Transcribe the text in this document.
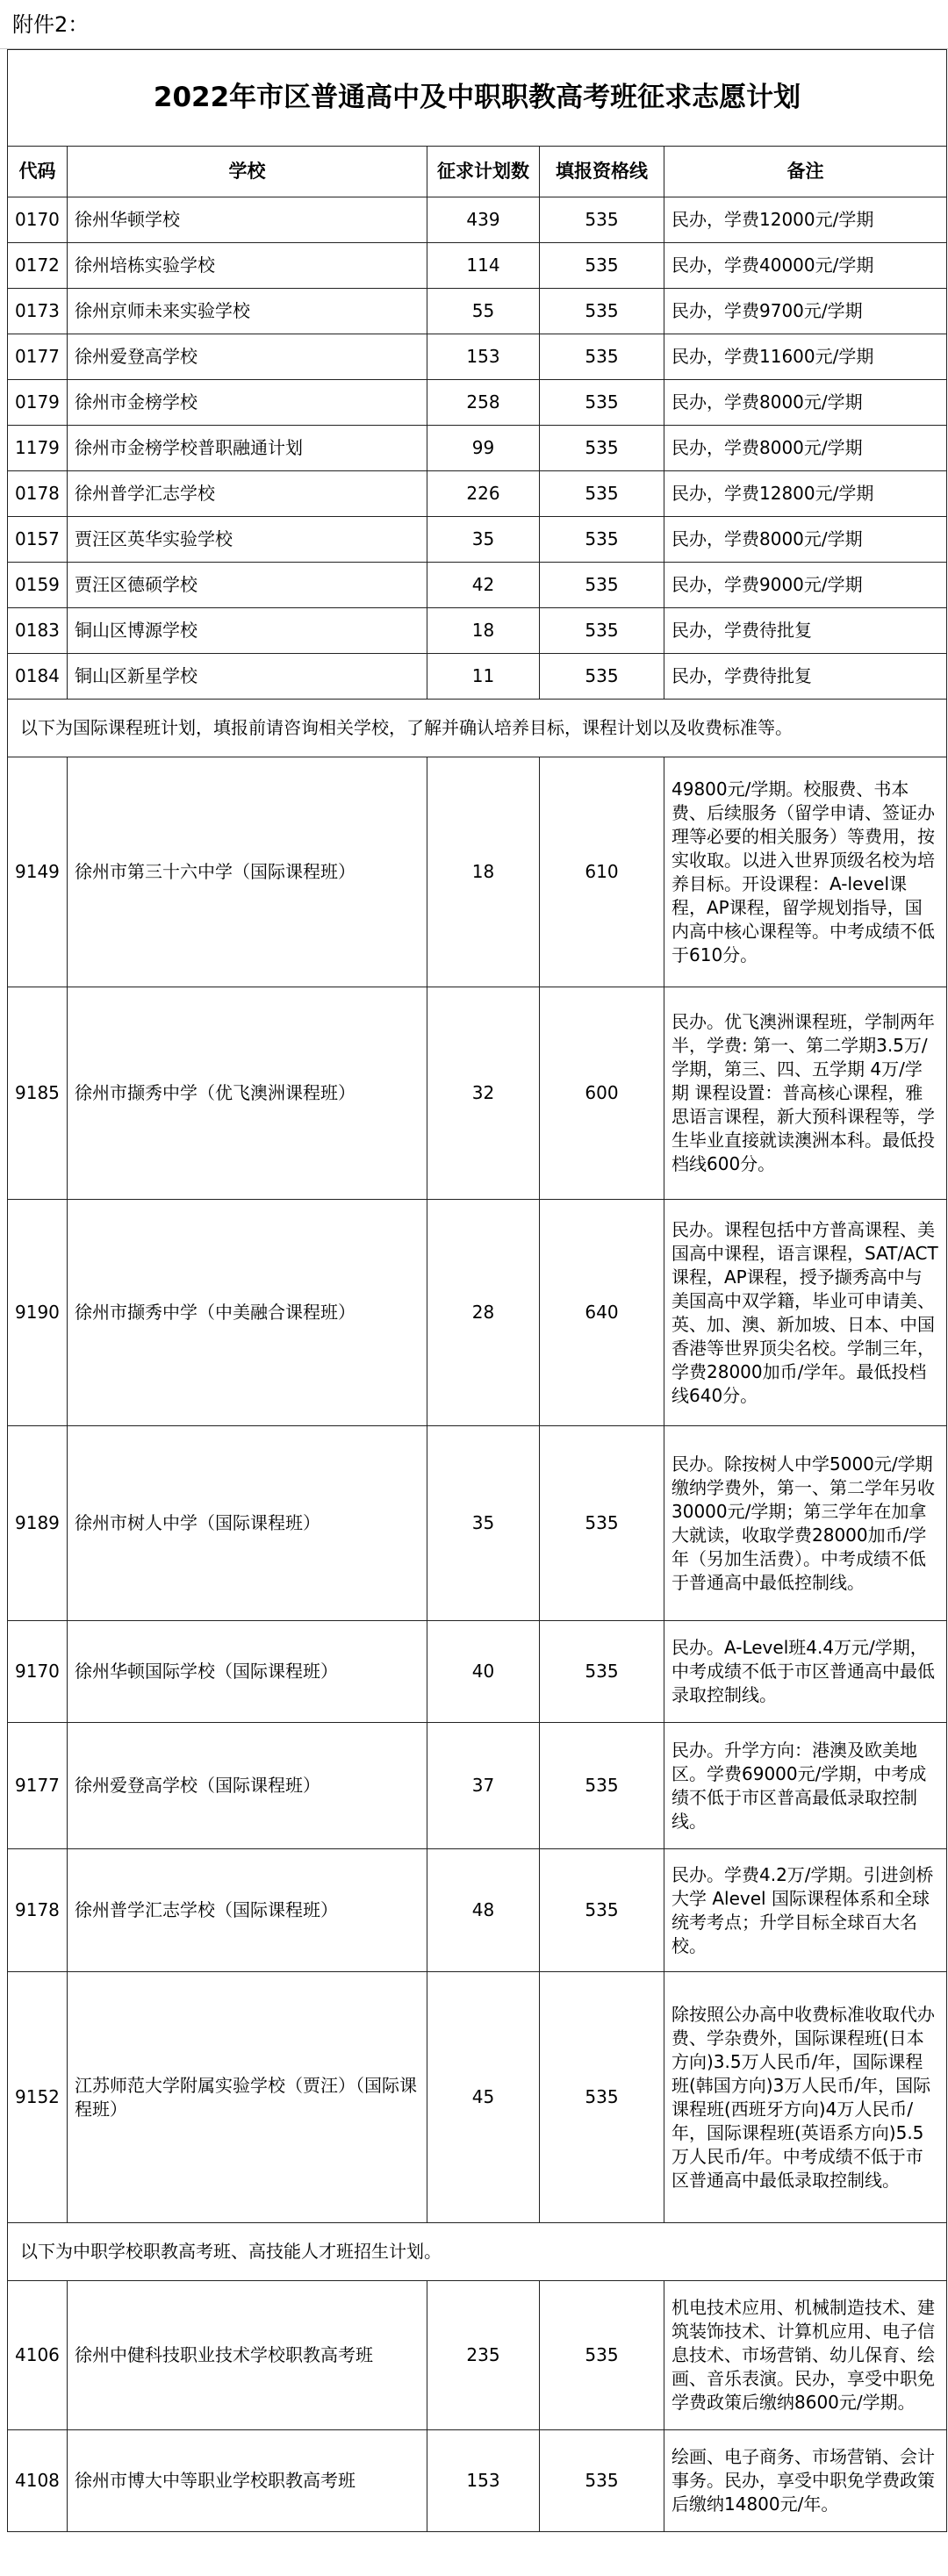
附件2：
2022年市区普通高中及中职职教高考班征求志愿计划				
代码	学校	征求计划数	填报资格线	备注
0170	徐州华顿学校	439	535	民办，学费12000元/学期
0172	徐州培栋实验学校	114	535	民办，学费40000元/学期
0173	徐州京师未来实验学校	55	535	民办，学费9700元/学期
0177	徐州爱登高学校	153	535	民办，学费11600元/学期
0179	徐州市金榜学校	258	535	民办，学费8000元/学期
1179	徐州市金榜学校普职融通计划	99	535	民办，学费8000元/学期
0178	徐州普学汇志学校	226	535	民办，学费12800元/学期
0157	贾汪区英华实验学校	35	535	民办，学费8000元/学期
0159	贾汪区德硕学校	42	535	民办，学费9000元/学期
0183	铜山区博源学校	18	535	民办，学费待批复
0184	铜山区新星学校	11	535	民办，学费待批复
以下为国际课程班计划，填报前请咨询相关学校，了解并确认培养目标，课程计划以及收费标准等。				
9149	徐州市第三十六中学（国际课程班）	18	610	49800元/学期。校服费、书本费、后续服务（留学申请、签证办理等必要的相关服务）等费用，按实收取。以进入世界顶级名校为培养目标。开设课程：A-level课程，AP课程，留学规划指导，国内高中核心课程等。中考成绩不低于610分。
9185	徐州市撷秀中学（优飞澳洲课程班）	32	600	民办。优飞澳洲课程班，学制两年半，学费: 第一、第二学期3.5万/学期，第三、四、五学期 4万/学期 课程设置：普高核心课程，雅思语言课程，新大预科课程等，学生毕业直接就读澳洲本科。最低投档线600分。
9190	徐州市撷秀中学（中美融合课程班）	28	640	民办。课程包括中方普高课程、美国高中课程，语言课程，SAT/ACT课程，AP课程，授予撷秀高中与美国高中双学籍，毕业可申请美、英、加、澳、新加坡、日本、中国香港等世界顶尖名校。学制三年，学费28000加币/学年。最低投档线640分。
9189	徐州市树人中学（国际课程班）	35	535	民办。除按树人中学5000元/学期缴纳学费外，第一、第二学年另收30000元/学期；第三学年在加拿大就读，收取学费28000加币/学年（另加生活费）。中考成绩不低于普通高中最低控制线。
9170	徐州华顿国际学校（国际课程班）	40	535	民办。A-Level班4.4万元/学期，中考成绩不低于市区普通高中最低录取控制线。
9177	徐州爱登高学校（国际课程班）	37	535	民办。升学方向：港澳及欧美地区。学费69000元/学期，中考成绩不低于市区普高最低录取控制线。
9178	徐州普学汇志学校（国际课程班）	48	535	民办。学费4.2万/学期。引进剑桥大学 Alevel 国际课程体系和全球统考考点；升学目标全球百大名校。
9152	江苏师范大学附属实验学校（贾汪）（国际课程班）	45	535	除按照公办高中收费标准收取代办费、学杂费外，国际课程班(日本方向)3.5万人民币/年，国际课程班(韩国方向)3万人民币/年，国际课程班(西班牙方向)4万人民币/年，国际课程班(英语系方向)5.5万人民币/年。中考成绩不低于市区普通高中最低录取控制线。
以下为中职学校职教高考班、高技能人才班招生计划。				
4106	徐州中健科技职业技术学校职教高考班	235	535	机电技术应用、机械制造技术、建筑装饰技术、计算机应用、电子信息技术、市场营销、幼儿保育、绘画、音乐表演。民办，享受中职免学费政策后缴纳8600元/学期。
4108	徐州市博大中等职业学校职教高考班	153	535	绘画、电子商务、市场营销、会计事务。民办，享受中职免学费政策后缴纳14800元/年。
